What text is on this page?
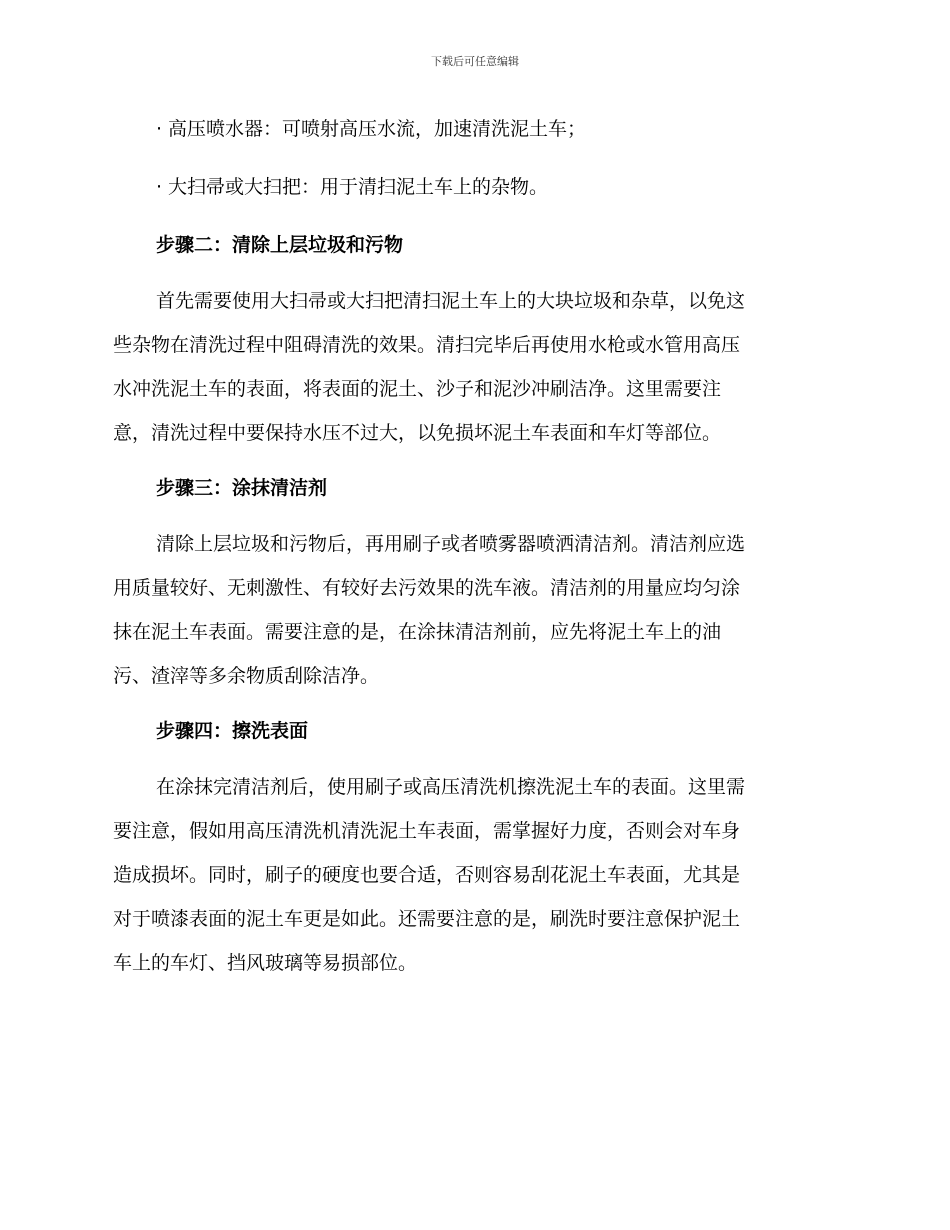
下载后可任意编辑
· 高压喷水器：可喷射高压水流，加速清洗泥土车；
· 大扫帚或大扫把：用于清扫泥土车上的杂物。
步骤二：清除上层垃圾和污物
首先需要使用大扫帚或大扫把清扫泥土车上的大块垃圾和杂草，以免这
些杂物在清洗过程中阻碍清洗的效果。清扫完毕后再使用水枪或水管用高压
水冲洗泥土车的表面，将表面的泥土、沙子和泥沙冲刷洁净。这里需要注
意，清洗过程中要保持水压不过大，以免损坏泥土车表面和车灯等部位。
步骤三：涂抹清洁剂
清除上层垃圾和污物后，再用刷子或者喷雾器喷洒清洁剂。清洁剂应选
用质量较好、无刺激性、有较好去污效果的洗车液。清洁剂的用量应均匀涂
抹在泥土车表面。需要注意的是，在涂抹清洁剂前，应先将泥土车上的油
污、渣滓等多余物质刮除洁净。
步骤四：擦洗表面
在涂抹完清洁剂后，使用刷子或高压清洗机擦洗泥土车的表面。这里需
要注意，假如用高压清洗机清洗泥土车表面，需掌握好力度，否则会对车身
造成损坏。同时，刷子的硬度也要合适，否则容易刮花泥土车表面，尤其是
对于喷漆表面的泥土车更是如此。还需要注意的是，刷洗时要注意保护泥土
车上的车灯、挡风玻璃等易损部位。
